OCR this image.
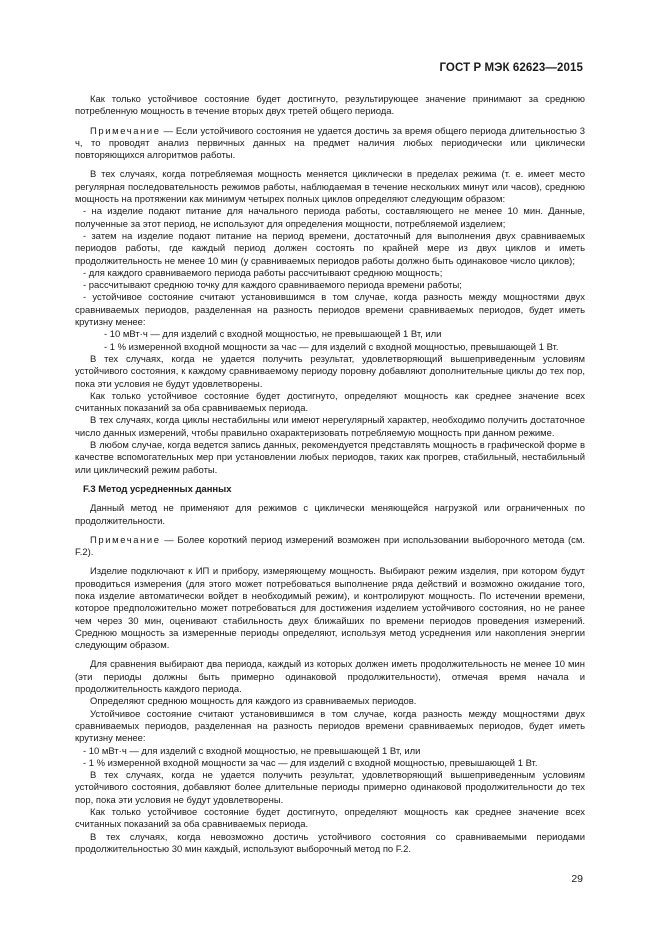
ГОСТ Р МЭК 62623—2015

Как только устойчивое состояние будет достигнуто, результирующее значение принимают за среднюю потребленную мощность в течение вторых двух третей общего периода.

Примечание — Если устойчивого состояния не удается достичь за время общего периода длительностью 3 ч, то проводят анализ первичных данных на предмет наличия любых периодически или циклически повторяющихся алгоритмов работы.

В тех случаях, когда потребляемая мощность меняется циклически в пределах режима (т. е. имеет место регулярная последовательность режимов работы, наблюдаемая в течение нескольких минут или часов), среднюю мощность на протяжении как минимум четырех полных циклов определяют следующим образом:

- на изделие подают питание для начального периода работы, составляющего не менее 10 мин. Данные, полученные за этот период, не используют для определения мощности, потребляемой изделием;

- затем на изделие подают питание на период времени, достаточный для выполнения двух сравниваемых периодов работы, где каждый период должен состоять по крайней мере из двух циклов и иметь продолжительность не менее 10 мин (у сравниваемых периодов работы должно быть одинаковое число циклов);

- для каждого сравниваемого периода работы рассчитывают среднюю мощность;

- рассчитывают среднюю точку для каждого сравниваемого периода времени работы;

- устойчивое состояние считают установившимся в том случае, когда разность между мощностями двух сравниваемых периодов, разделенная на разность периодов времени сравниваемых периодов, будет иметь крутизну менее:

- 10 мВт·ч — для изделий с входной мощностью, не превышающей 1 Вт, или

- 1 % измеренной входной мощности за час — для изделий с входной мощностью, превышающей 1 Вт.

В тех случаях, когда не удается получить результат, удовлетворяющий вышеприведенным условиям устойчивого состояния, к каждому сравниваемому периоду поровну добавляют дополнительные циклы до тех пор, пока эти условия не будут удовлетворены.

Как только устойчивое состояние будет достигнуто, определяют мощность как среднее значение всех считанных показаний за оба сравниваемых периода.

В тех случаях, когда циклы нестабильны или имеют нерегулярный характер, необходимо получить достаточное число данных измерений, чтобы правильно охарактеризовать потребляемую мощность при данном режиме.

В любом случае, когда ведется запись данных, рекомендуется представлять мощность в графической форме в качестве вспомогательных мер при установлении любых периодов, таких как прогрев, стабильный, нестабильный или циклический режим работы.

F.3 Метод усредненных данных

Данный метод не применяют для режимов с циклически меняющейся нагрузкой или ограниченных по продолжительности.

Примечание — Более короткий период измерений возможен при использовании выборочного метода (см. F.2).

Изделие подключают к ИП и прибору, измеряющему мощность. Выбирают режим изделия, при котором будут проводиться измерения (для этого может потребоваться выполнение ряда действий и возможно ожидание того, пока изделие автоматически войдет в необходимый режим), и контролируют мощность. По истечении времени, которое предположительно может потребоваться для достижения изделием устойчивого состояния, но не ранее чем через 30 мин, оценивают стабильность двух ближайших по времени периодов проведения измерений. Среднюю мощность за измеренные периоды определяют, используя метод усреднения или накопления энергии следующим образом.

Для сравнения выбирают два периода, каждый из которых должен иметь продолжительность не менее 10 мин (эти периоды должны быть примерно одинаковой продолжительности), отмечая время начала и продолжительность каждого периода.

Определяют среднюю мощность для каждого из сравниваемых периодов.

Устойчивое состояние считают установившимся в том случае, когда разность между мощностями двух сравниваемых периодов, разделенная на разность периодов времени сравниваемых периодов, будет иметь крутизну менее:

- 10 мВт·ч — для изделий с входной мощностью, не превышающей 1 Вт, или

- 1 % измеренной входной мощности за час — для изделий с входной мощностью, превышающей 1 Вт.

В тех случаях, когда не удается получить результат, удовлетворяющий вышеприведенным условиям устойчивого состояния, добавляют более длительные периоды примерно одинаковой продолжительности до тех пор, пока эти условия не будут удовлетворены.

Как только устойчивое состояние будет достигнуто, определяют мощность как среднее значение всех считанных показаний за оба сравниваемых периода.

В тех случаях, когда невозможно достичь устойчивого состояния со сравниваемыми периодами продолжительностью 30 мин каждый, используют выборочный метод по F.2.

29
